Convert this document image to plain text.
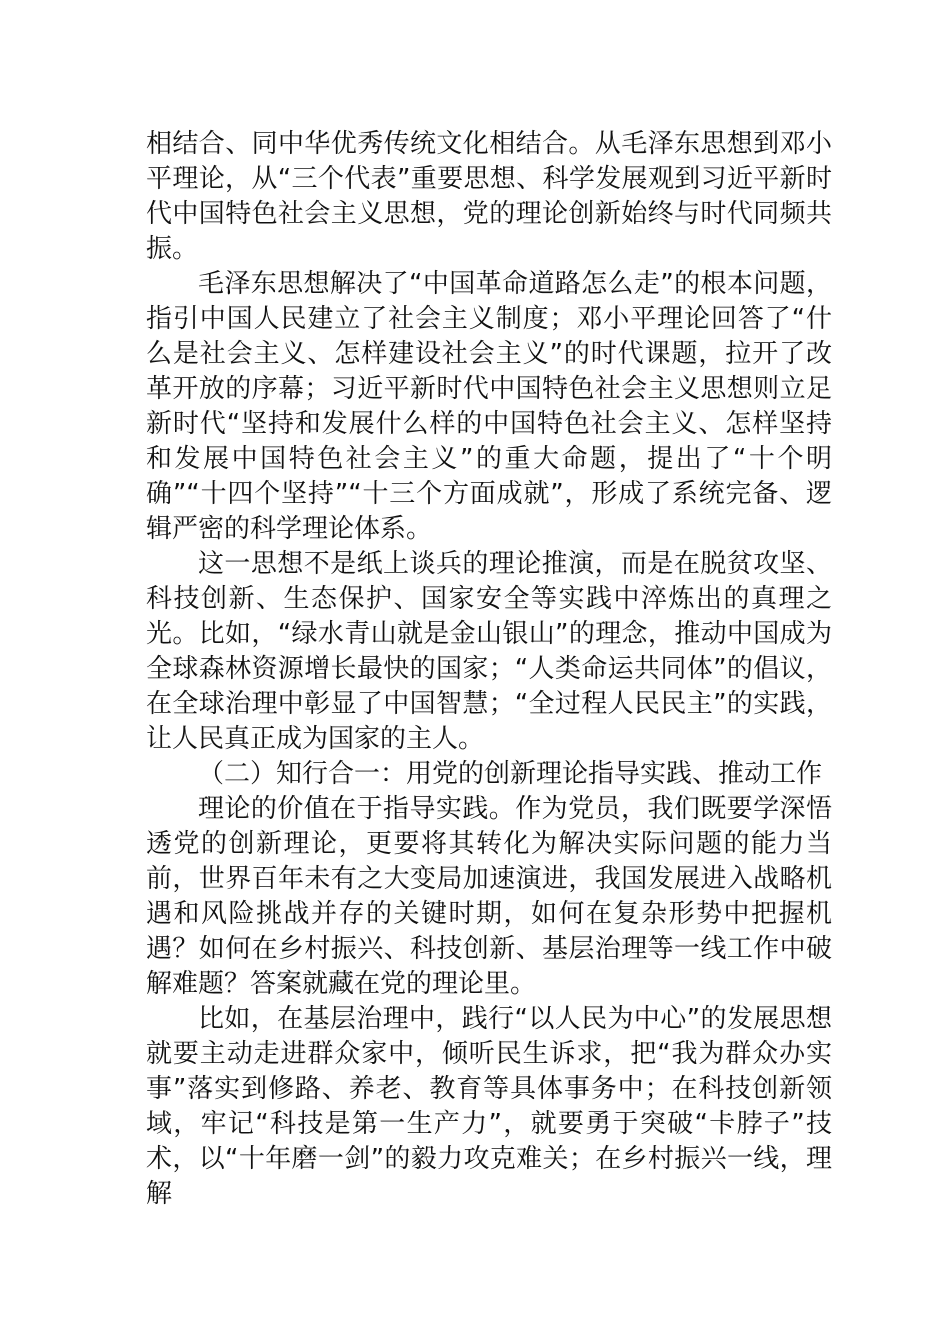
相结合、同中华优秀传统文化相结合。从毛泽东思想到邓小平理论，从“三个代表”重要思想、科学发展观到习近平新时代中国特色社会主义思想，党的理论创新始终与时代同频共振。

毛泽东思想解决了“中国革命道路怎么走”的根本问题，指引中国人民建立了社会主义制度；邓小平理论回答了“什么是社会主义、怎样建设社会主义”的时代课题，拉开了改革开放的序幕；习近平新时代中国特色社会主义思想则立足新时代“坚持和发展什么样的中国特色社会主义、怎样坚持和发展中国特色社会主义”的重大命题，提出了“十个明确”“十四个坚持”“十三个方面成就”，形成了系统完备、逻辑严密的科学理论体系。

这一思想不是纸上谈兵的理论推演，而是在脱贫攻坚、科技创新、生态保护、国家安全等实践中淬炼出的真理之光。比如，“绿水青山就是金山银山”的理念，推动中国成为全球森林资源增长最快的国家；“人类命运共同体”的倡议，在全球治理中彰显了中国智慧；“全过程人民民主”的实践，让人民真正成为国家的主人。

（二）知行合一：用党的创新理论指导实践、推动工作

理论的价值在于指导实践。作为党员，我们既要学深悟透党的创新理论，更要将其转化为解决实际问题的能力当前，世界百年未有之大变局加速演进，我国发展进入战略机遇和风险挑战并存的关键时期，如何在复杂形势中把握机遇？如何在乡村振兴、科技创新、基层治理等一线工作中破解难题？答案就藏在党的理论里。

比如，在基层治理中，践行“以人民为中心”的发展思想就要主动走进群众家中，倾听民生诉求，把“我为群众办实事”落实到修路、养老、教育等具体事务中；在科技创新领域，牢记“科技是第一生产力”，就要勇于突破“卡脖子”技术，以“十年磨一剑”的毅力攻克难关；在乡村振兴一线，理解
